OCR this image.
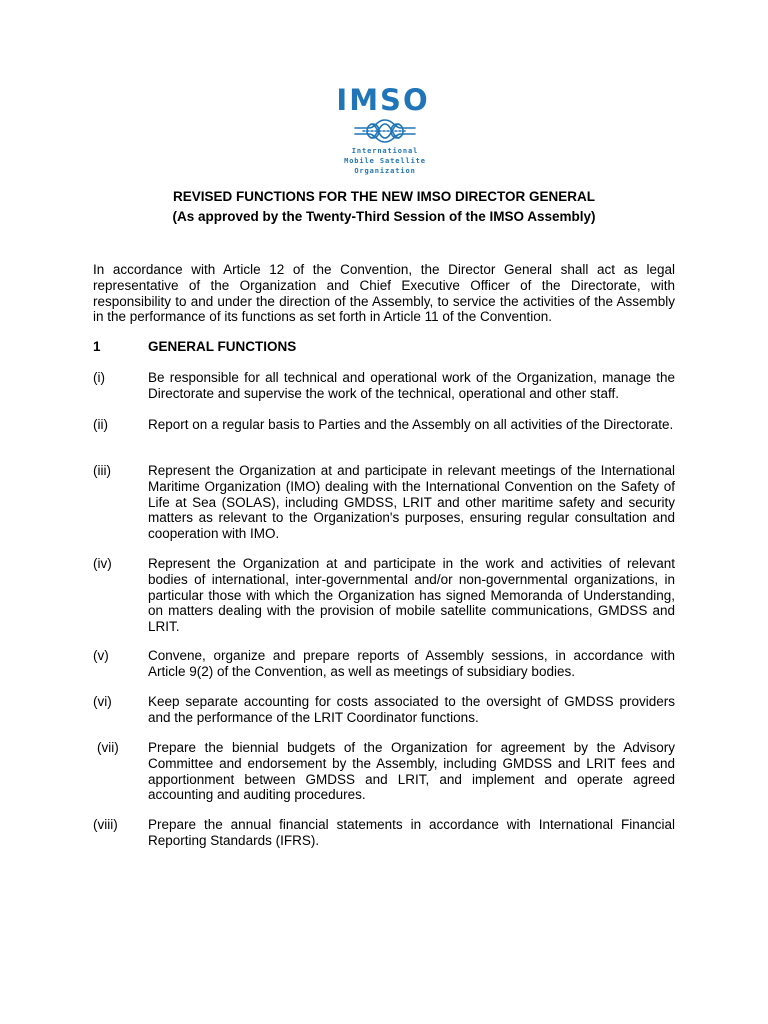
IMSO
International
Mobile Satellite
Organization
REVISED FUNCTIONS FOR THE NEW IMSO DIRECTOR GENERAL
(As approved by the Twenty-Third Session of the IMSO Assembly)
In accordance with Article 12 of the Convention, the Director General shall act as legal representative of the Organization and Chief Executive Officer of the Directorate, with responsibility to and under the direction of the Assembly, to service the activities of the Assembly in the performance of its functions as set forth in Article 11 of the Convention.
1	GENERAL FUNCTIONS
(i)	Be responsible for all technical and operational work of the Organization, manage the Directorate and supervise the work of the technical, operational and other staff.
(ii)	Report on a regular basis to Parties and the Assembly on all activities of the Directorate.
(iii)	Represent the Organization at and participate in relevant meetings of the International Maritime Organization (IMO) dealing with the International Convention on the Safety of Life at Sea (SOLAS), including GMDSS, LRIT and other maritime safety and security matters as relevant to the Organization's purposes, ensuring regular consultation and cooperation with IMO.
(iv)	Represent the Organization at and participate in the work and activities of relevant bodies of international, inter-governmental and/or non-governmental organizations, in particular those with which the Organization has signed Memoranda of Understanding, on matters dealing with the provision of mobile satellite communications, GMDSS and LRIT.
(v)	Convene, organize and prepare reports of Assembly sessions, in accordance with Article 9(2) of the Convention, as well as meetings of subsidiary bodies.
(vi)	Keep separate accounting for costs associated to the oversight of GMDSS providers and the performance of the LRIT Coordinator functions.
(vii) Prepare the biennial budgets of the Organization for agreement by the Advisory Committee and endorsement by the Assembly, including GMDSS and LRIT fees and apportionment between GMDSS and LRIT, and implement and operate agreed accounting and auditing procedures.
(viii) Prepare the annual financial statements in accordance with International Financial Reporting Standards (IFRS).
